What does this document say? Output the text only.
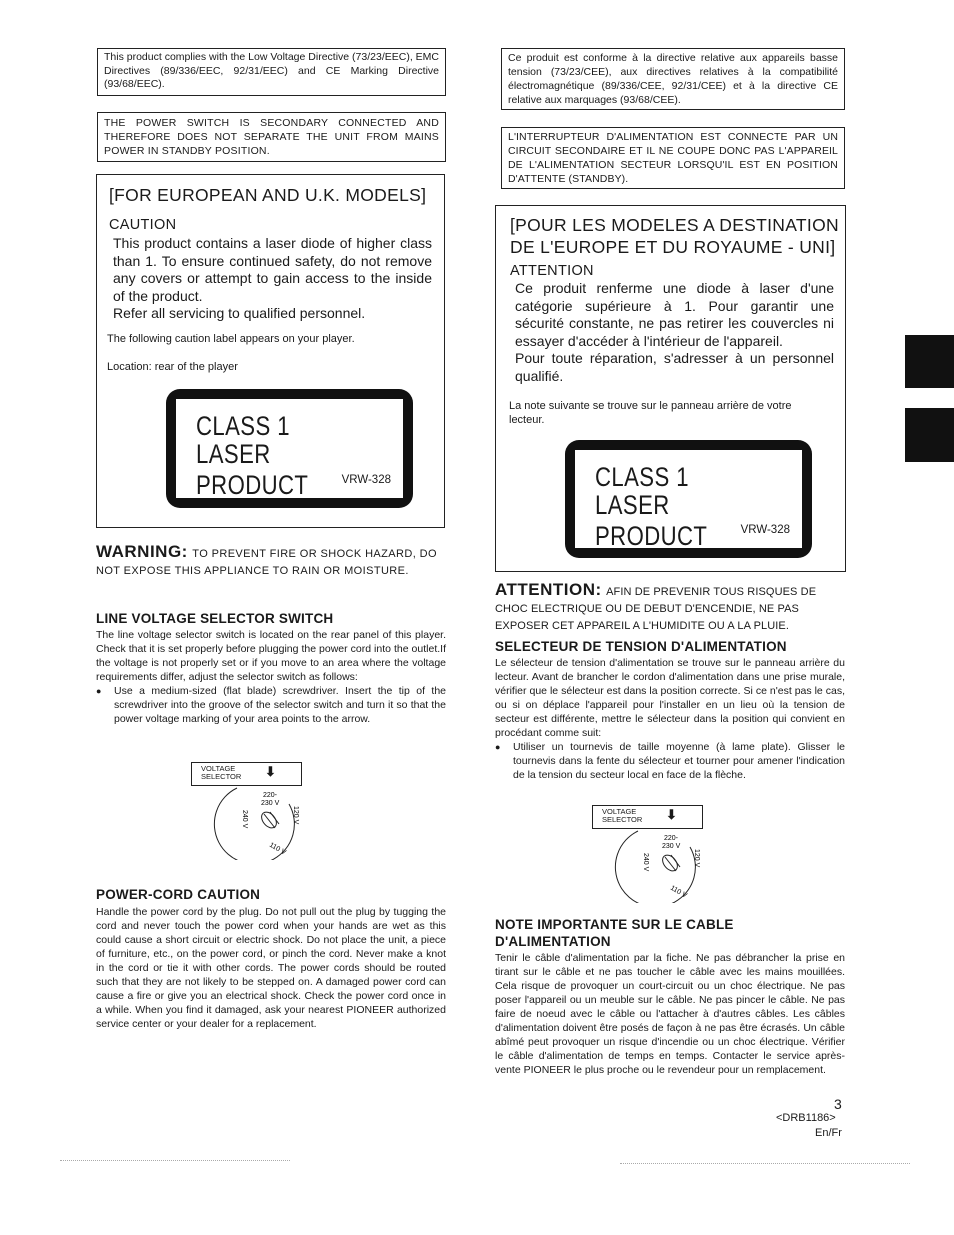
This product complies with the Low Voltage Directive (73/23/EEC), EMC Directives (89/336/EEC, 92/31/EEC) and CE Marking Directive (93/68/EEC).
THE POWER SWITCH IS SECONDARY CONNECTED AND THEREFORE DOES NOT SEPARATE THE UNIT FROM MAINS POWER IN STANDBY POSITION.
[FOR EUROPEAN AND U.K. MODELS]
CAUTION
This product contains a laser diode of higher class than 1. To ensure continued safety, do not remove any covers or attempt to gain access to the inside of the product.
Refer all servicing to qualified personnel.
The following caution label appears on your player.
Location: rear of the player
CLASS 1
LASER PRODUCT	VRW-328
WARNING: TO PREVENT FIRE OR SHOCK HAZARD, DO NOT EXPOSE THIS APPLIANCE TO RAIN OR MOISTURE.
LINE VOLTAGE SELECTOR SWITCH
The line voltage selector switch is located on the rear panel of this player. Check that it is set properly before plugging the power cord into the outlet.If the voltage is not properly set or if you move to an area where the voltage requirements differ, adjust the selector switch as follows:
● Use a medium-sized (flat blade) screwdriver. Insert the tip of the screwdriver into the groove of the selector switch and turn it so that the power voltage marking of your area points to the arrow.
VOLTAGE
SELECTOR ⬇
220-
230 V
240 V	120 V
110 V
POWER-CORD CAUTION
Handle the power cord by the plug. Do not pull out the plug by tugging the cord and never touch the power cord when your hands are wet as this could cause a short circuit or electric shock. Do not place the unit, a piece of furniture, etc., on the power cord, or pinch the cord. Never make a knot in the cord or tie it with other cords. The power cords should be routed such that they are not likely to be stepped on. A damaged power cord can cause a fire or give you an electrical shock. Check the power cord once in a while. When you find it damaged, ask your nearest PIONEER authorized service center or your dealer for a replacement.
Ce produit est conforme à la directive relative aux appareils basse tension (73/23/CEE), aux directives relatives à la compatibilité électromagnétique (89/336/CEE, 92/31/CEE) et à la directive CE relative aux marquages (93/68/CEE).
L'INTERRUPTEUR D'ALIMENTATION EST CONNECTE PAR UN CIRCUIT SECONDAIRE ET IL NE COUPE DONC PAS L'APPAREIL DE L'ALIMENTATION SECTEUR LORSQU'IL EST EN POSITION D'ATTENTE (STANDBY).
[POUR LES MODELES A DESTINATION DE L'EUROPE ET DU ROYAUME - UNI]
ATTENTION
Ce produit renferme une diode à laser d'une catégorie supérieure à 1. Pour garantir une sécurité constante, ne pas retirer les couvercles ni essayer d'accéder à l'intérieur de l'appareil.
Pour toute réparation, s'adresser à un personnel qualifié.
La note suivante se trouve sur le panneau arrière de votre lecteur.
CLASS 1
LASER PRODUCT	VRW-328
ATTENTION: AFIN DE PREVENIR TOUS RISQUES DE CHOC ELECTRIQUE OU DE DEBUT D'ENCENDIE, NE PAS EXPOSER CET APPAREIL A L'HUMIDITE OU A LA PLUIE.
SELECTEUR DE TENSION D'ALIMENTATION
Le sélecteur de tension d'alimentation se trouve sur le panneau arrière du lecteur. Avant de brancher le cordon d'alimentation dans une prise murale, vérifier que le sélecteur est dans la position correcte. Si ce n'est pas le cas, ou si on déplace l'appareil pour l'installer en un lieu où la tension de secteur est différente, mettre le sélecteur dans la position qui convient en procédant comme suit:
● Utiliser un tournevis de taille moyenne (à lame plate). Glisser le tournevis dans la fente du sélecteur et tourner pour amener l'indication de la tension du secteur local en face de la flèche.
VOLTAGE
SELECTOR ⬇
220-
230 V
240 V	120 V
110 V
NOTE IMPORTANTE SUR LE CABLE D'ALIMENTATION
Tenir le câble d'alimentation par la fiche. Ne pas débrancher la prise en tirant sur le câble et ne pas toucher le câble avec les mains mouillées. Cela risque de provoquer un court-circuit ou un choc électrique. Ne pas poser l'appareil ou un meuble sur le câble. Ne pas pincer le câble. Ne pas faire de noeud avec le câble ou l'attacher à d'autres câbles. Les câbles d'alimentation doivent être posés de façon à ne pas être écrasés. Un câble abîmé peut provoquer un risque d'incendie ou un choc électrique. Vérifier le câble d'alimentation de temps en temps. Contacter le service après-vente PIONEER le plus proche ou le revendeur pour un remplacement.
3
<DRB1186>
En/Fr
